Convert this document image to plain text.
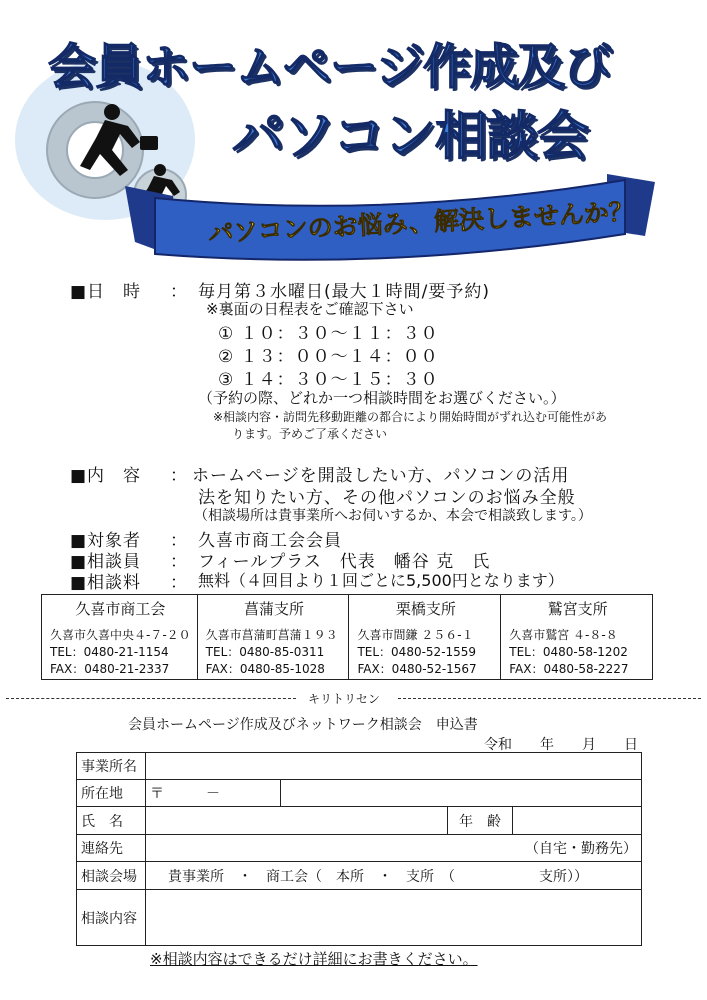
会員ホームページ作成及び
パソコン相談会
パソコンのお悩み、解決しませんか？
■日　時 ： 毎月第３水曜日(最大１時間/要予約)
※裏面の日程表をご確認下さい
① １０：３０～１１：３０
② １３：００～１４：００
③ １４：３０～１５：３０
（予約の際、どれか一つ相談時間をお選びください。）
※相談内容・訪問先移動距離の都合により開始時間がずれ込む可能性があ
ります。予めご了承ください
■内　容 ： ホームページを開設したい方、パソコンの活用
法を知りたい方、その他パソコンのお悩み全般
（相談場所は貴事業所へお伺いするか、本会で相談致します。）
■対象者 ： 久喜市商工会会員
■相談員 ： フィールプラス　代表　幡谷 克　氏
■相談料 ： 無料（４回目より１回ごとに5,500円となります）
久喜市商工会
久喜市久喜中央４-７-２０
TEL：0480-21-1154
FAX：0480-21-2337
菖蒲支所
久喜市菖蒲町菖蒲１９３
TEL：0480-85-0311
FAX：0480-85-1028
栗橋支所
久喜市間鎌 ２５６-１
TEL：0480-52-1559
FAX：0480-52-1567
鷲宮支所
久喜市鷲宮 ４-８-８
TEL：0480-58-1202
FAX：0480-58-2227
キリトリセン
会員ホームページ作成及びネットワーク相談会　申込書
令和　　年　　月　　日
事業所名				
所在地	〒　　　－			
氏　名			年　齢	
連絡先	（自宅・勤務先）			
相談会場	貴事業所　・　商工会（　本所　・　支所　（　　　　　　支所））			
相談内容				
※相談内容はできるだけ詳細にお書きください。
